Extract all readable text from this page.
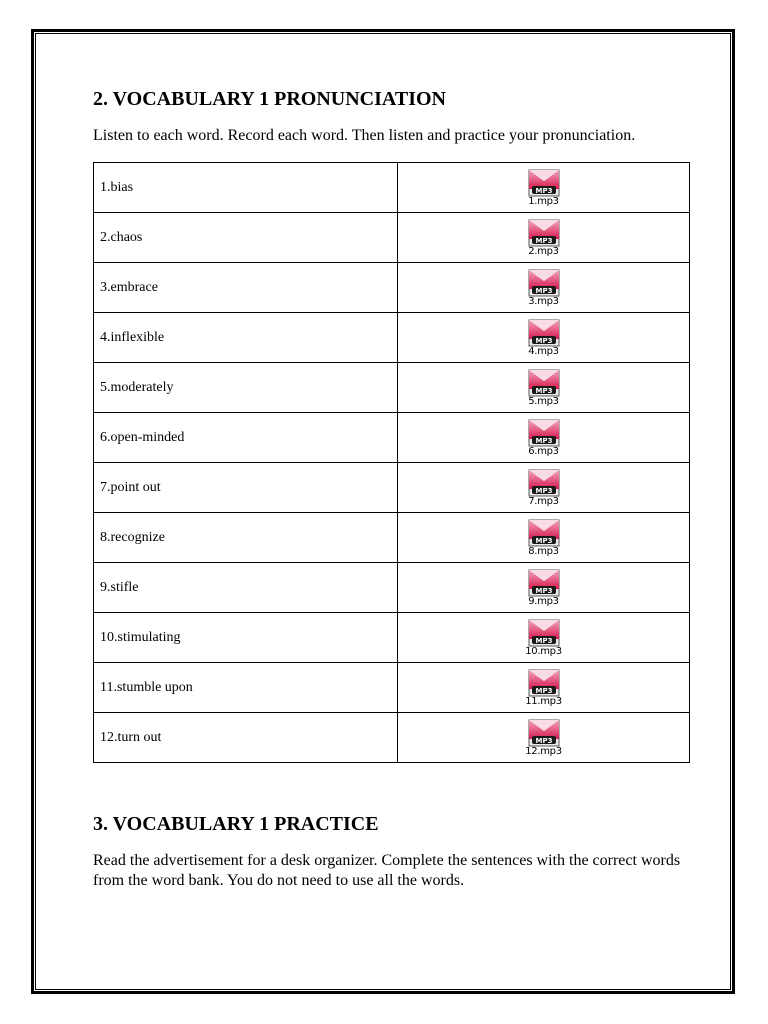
2. VOCABULARY 1 PRONUNCIATION

Listen to each word. Record each word. Then listen and practice your pronunciation.

1.bias	MP3
1.mp3

2.chaos	MP3
2.mp3

3.embrace	MP3
3.mp3

4.inflexible	MP3
4.mp3

5.moderately	MP3
5.mp3

6.open-minded	MP3
6.mp3

7.point out	MP3
7.mp3

8.recognize	MP3
8.mp3

9.stifle	MP3
9.mp3

10.stimulating	MP3
10.mp3

11.stumble upon	MP3
11.mp3

12.turn out	MP3
12.mp3
3. VOCABULARY 1 PRACTICE

Read the advertisement for a desk organizer. Complete the sentences with the correct words from the word bank. You do not need to use all the words.
